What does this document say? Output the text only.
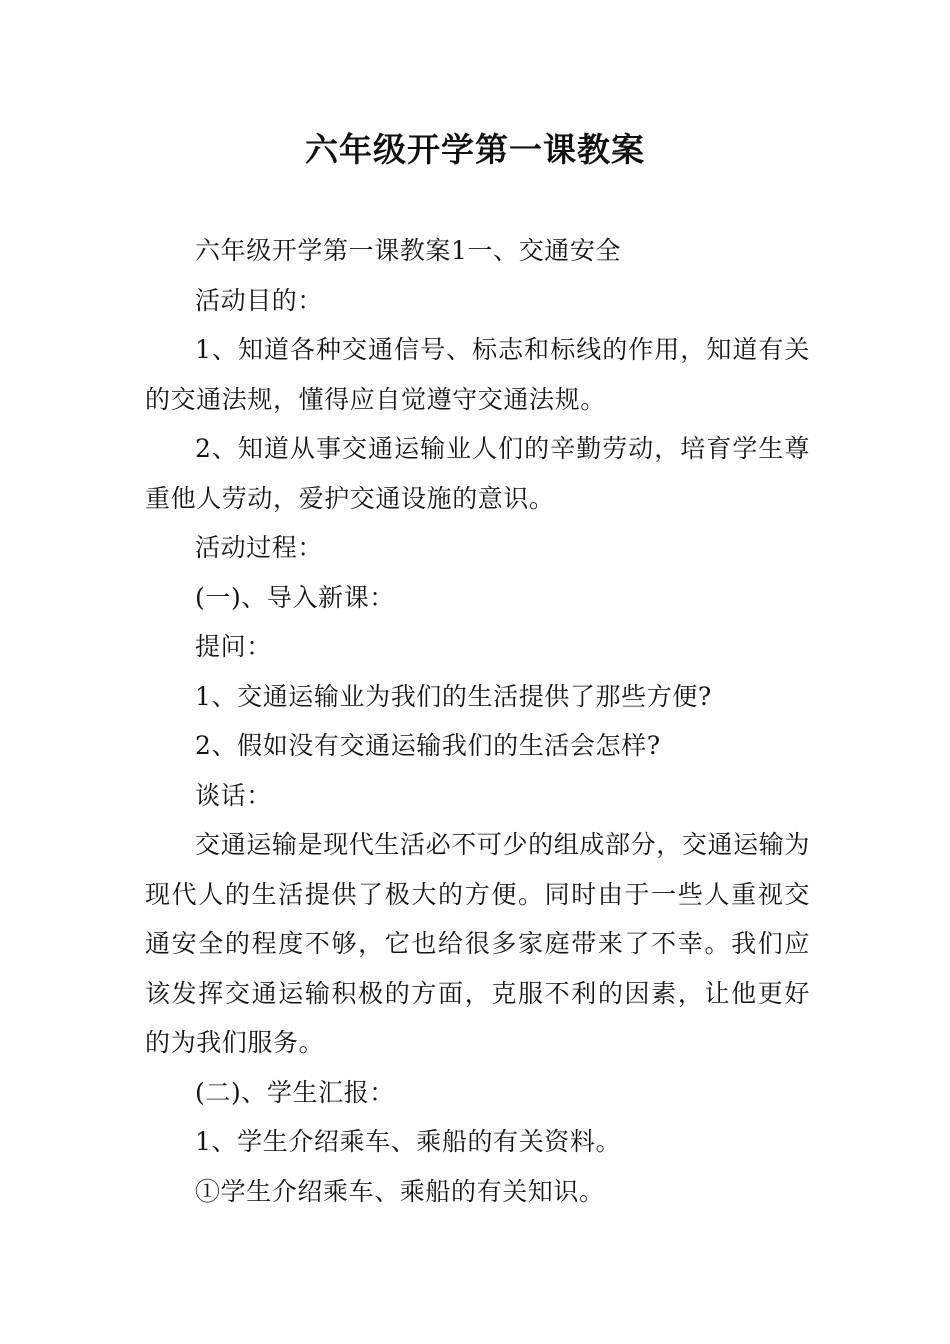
六年级开学第一课教案

六年级开学第一课教案1一、交通安全

活动目的：

1、知道各种交通信号、标志和标线的作用，知道有关的交通法规，懂得应自觉遵守交通法规。

2、知道从事交通运输业人们的辛勤劳动，培育学生尊重他人劳动，爱护交通设施的意识。

活动过程：

(一)、导入新课：

提问：

1、交通运输业为我们的生活提供了那些方便?

2、假如没有交通运输我们的生活会怎样?

谈话：

交通运输是现代生活必不可少的组成部分，交通运输为现代人的生活提供了极大的方便。同时由于一些人重视交通安全的程度不够，它也给很多家庭带来了不幸。我们应该发挥交通运输积极的方面，克服不利的因素，让他更好的为我们服务。

(二)、学生汇报：

1、学生介绍乘车、乘船的有关资料。

①学生介绍乘车、乘船的有关知识。
